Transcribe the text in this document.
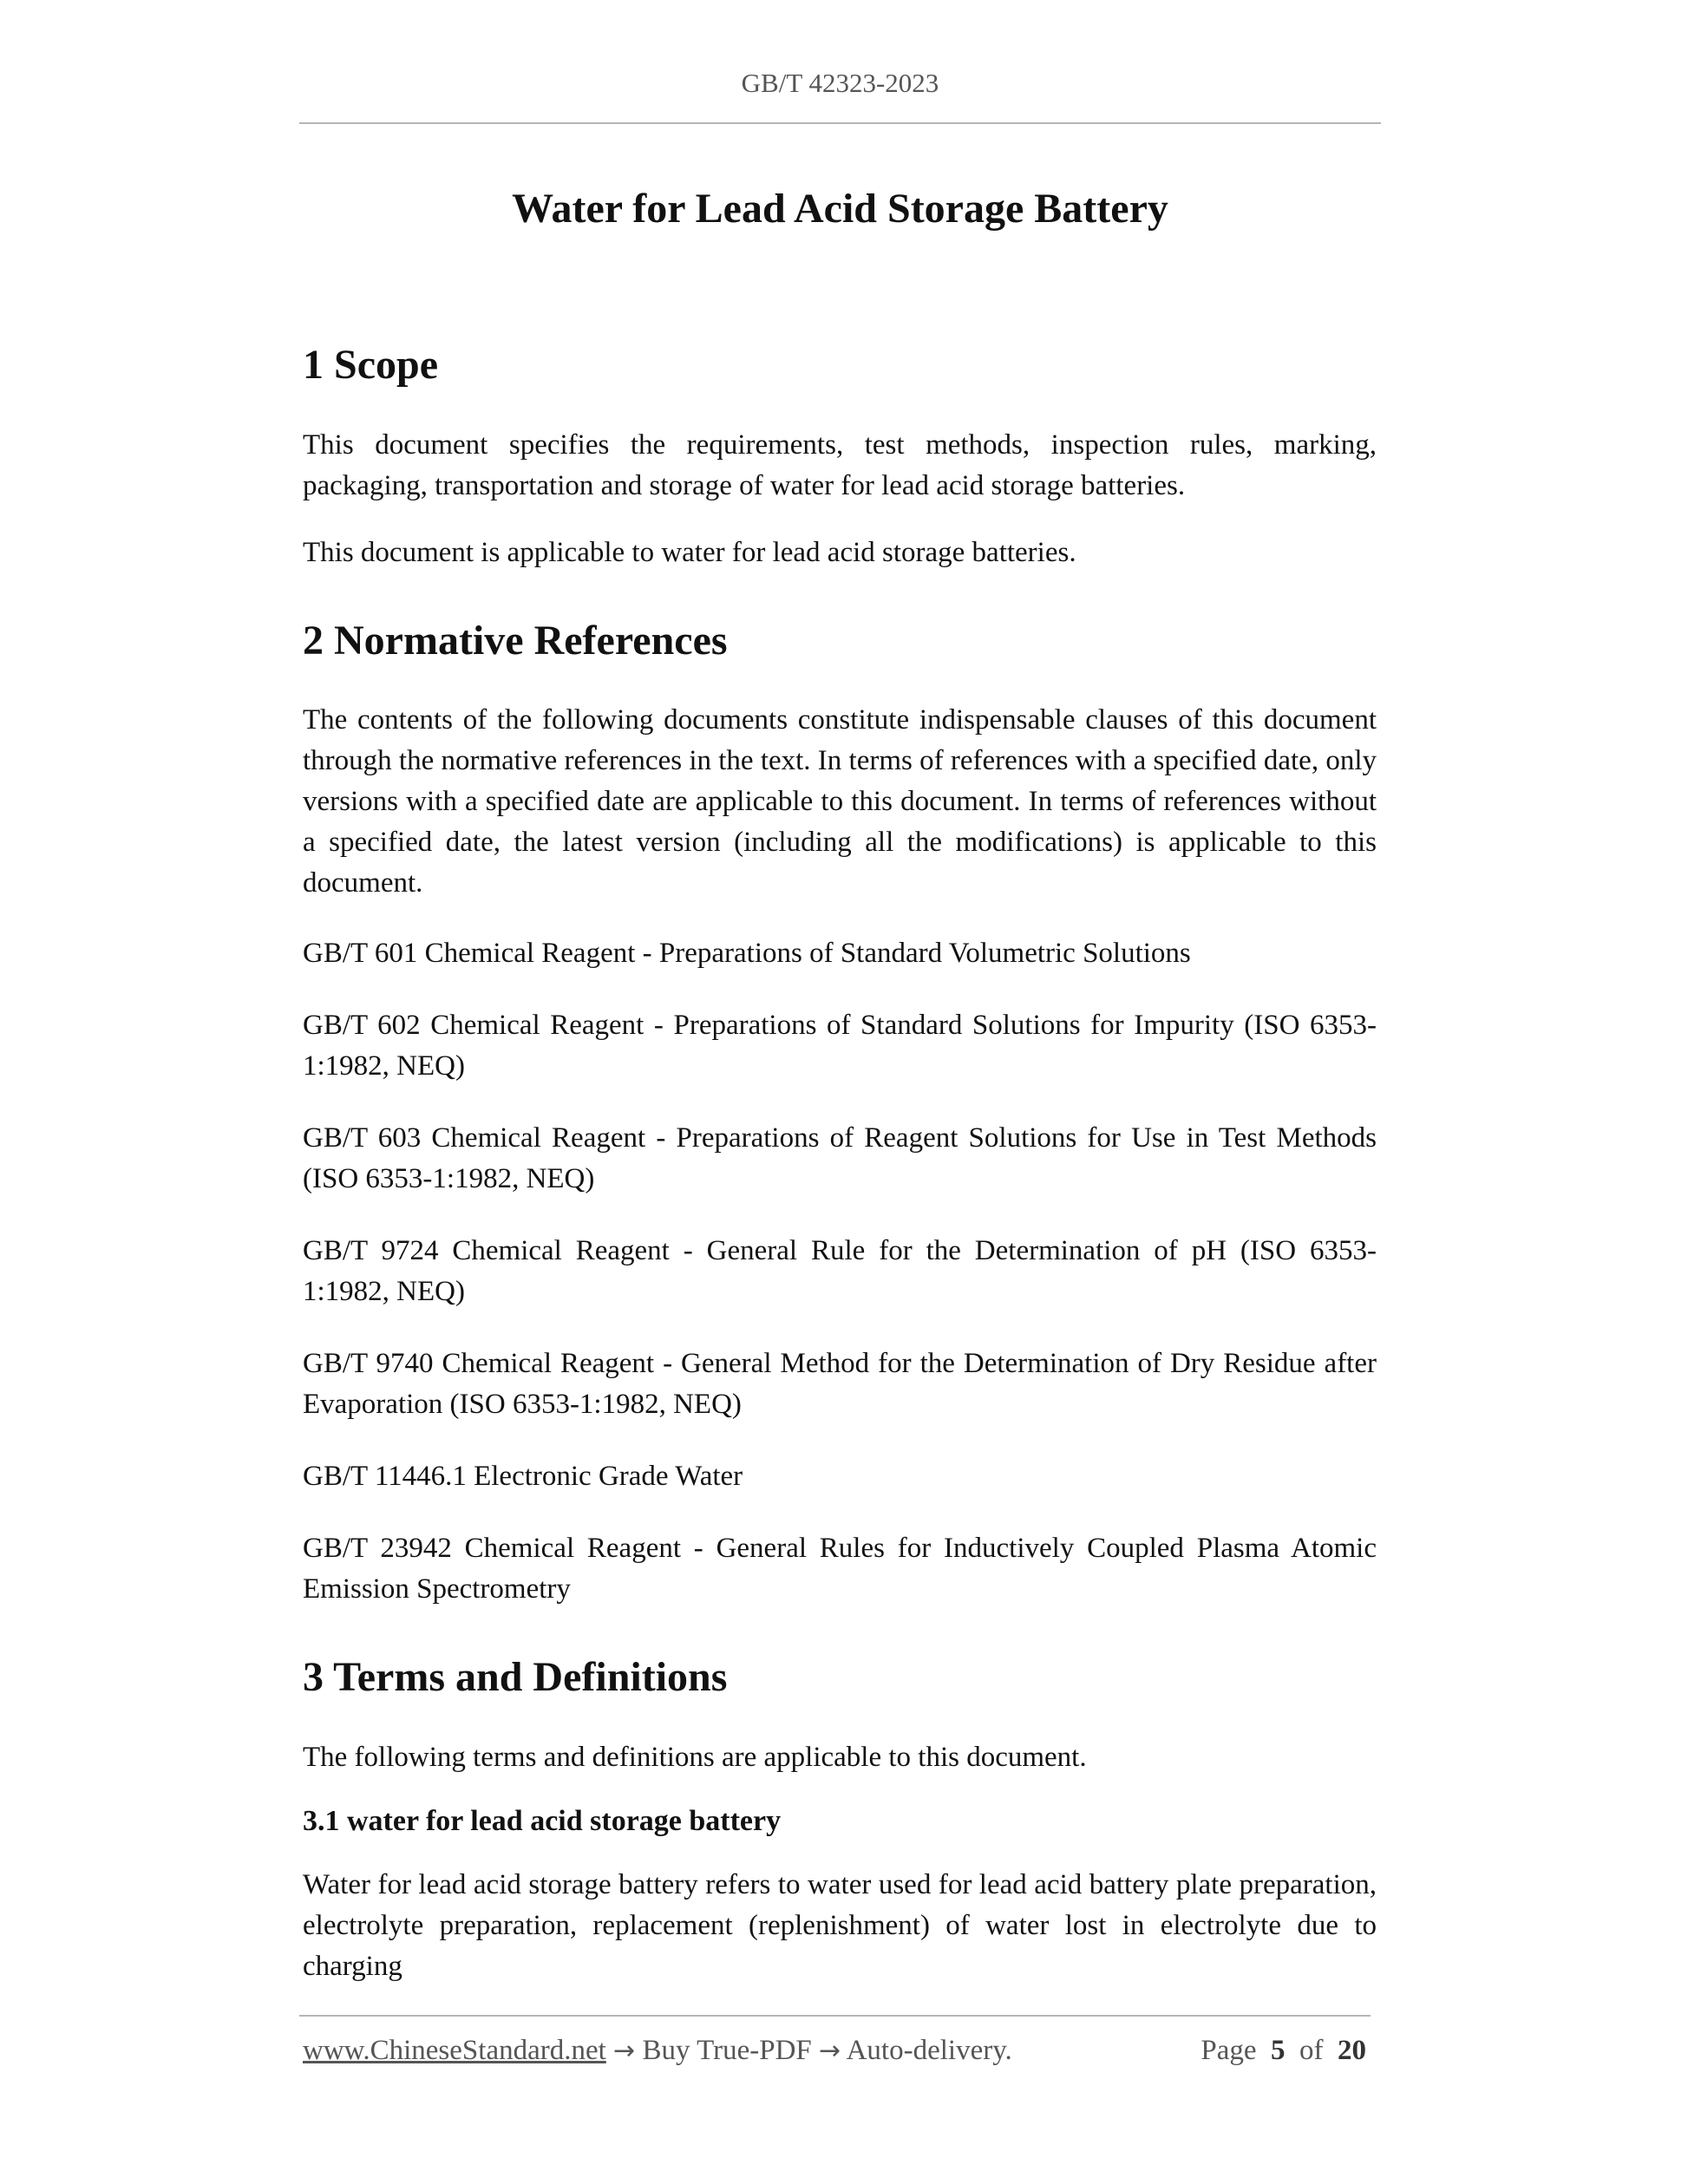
GB/T 42323-2023
Water for Lead Acid Storage Battery
1 Scope

This document specifies the requirements, test methods, inspection rules, marking, packaging, transportation and storage of water for lead acid storage batteries.

This document is applicable to water for lead acid storage batteries.

2 Normative References

The contents of the following documents constitute indispensable clauses of this document through the normative references in the text. In terms of references with a specified date, only versions with a specified date are applicable to this document. In terms of references without a specified date, the latest version (including all the modifications) is applicable to this document.

GB/T 601 Chemical Reagent - Preparations of Standard Volumetric Solutions

GB/T 602 Chemical Reagent - Preparations of Standard Solutions for Impurity (ISO 6353-1:1982, NEQ)

GB/T 603 Chemical Reagent - Preparations of Reagent Solutions for Use in Test Methods (ISO 6353-1:1982, NEQ)

GB/T 9724 Chemical Reagent - General Rule for the Determination of pH (ISO 6353-1:1982, NEQ)

GB/T 9740 Chemical Reagent - General Method for the Determination of Dry Residue after Evaporation (ISO 6353-1:1982, NEQ)

GB/T 11446.1 Electronic Grade Water

GB/T 23942 Chemical Reagent - General Rules for Inductively Coupled Plasma Atomic Emission Spectrometry

3 Terms and Definitions

The following terms and definitions are applicable to this document.

3.1 water for lead acid storage battery

Water for lead acid storage battery refers to water used for lead acid battery plate preparation, electrolyte preparation, replacement (replenishment) of water lost in electrolyte due to charging

www.ChineseStandard.net → Buy True-PDF → Auto-delivery.	Page 5 of 20
